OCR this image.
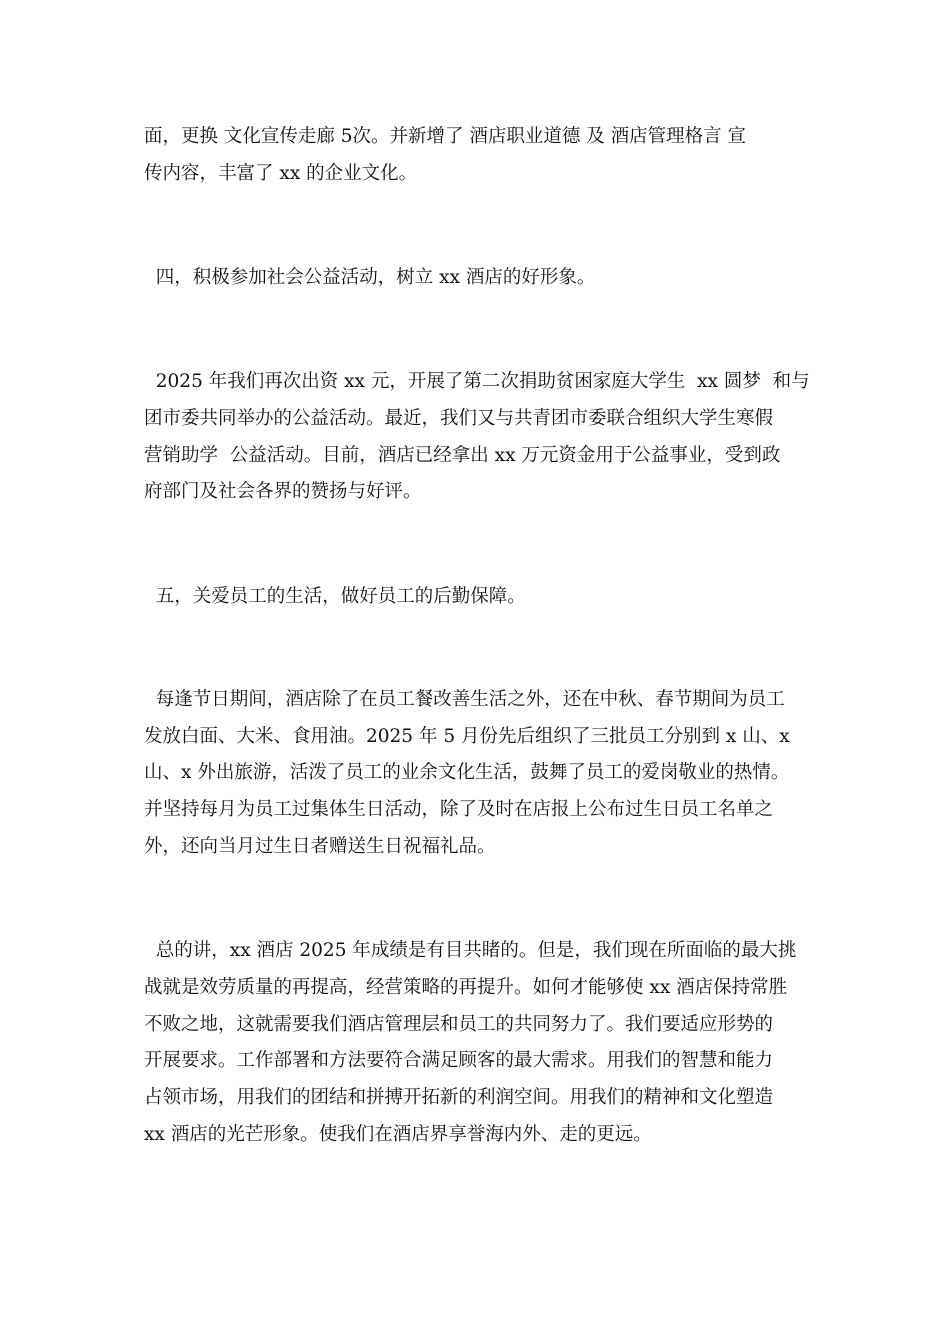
面，更换 文化宣传走廊 5次。并新增了 酒店职业道德 及 酒店管理格言 宣
传内容，丰富了 xx 的企业文化。
四，积极参加社会公益活动，树立 xx 酒店的好形象。
2025 年我们再次出资 xx 元，开展了第二次捐助贫困家庭大学生  xx 圆梦  和与
团市委共同举办的公益活动。最近，我们又与共青团市委联合组织大学生寒假
营销助学  公益活动。目前，酒店已经拿出 xx 万元资金用于公益事业，受到政
府部门及社会各界的赞扬与好评。
五，关爱员工的生活，做好员工的后勤保障。
每逢节日期间，酒店除了在员工餐改善生活之外，还在中秋、春节期间为员工
发放白面、大米、食用油。2025 年 5 月份先后组织了三批员工分别到 x 山、x
山、x 外出旅游，活泼了员工的业余文化生活，鼓舞了员工的爱岗敬业的热情。
并坚持每月为员工过集体生日活动，除了及时在店报上公布过生日员工名单之
外，还向当月过生日者赠送生日祝福礼品。
总的讲，xx 酒店 2025 年成绩是有目共睹的。但是，我们现在所面临的最大挑
战就是效劳质量的再提高，经营策略的再提升。如何才能够使 xx 酒店保持常胜
不败之地，这就需要我们酒店管理层和员工的共同努力了。我们要适应形势的
开展要求。工作部署和方法要符合满足顾客的最大需求。用我们的智慧和能力
占领市场，用我们的团结和拼搏开拓新的利润空间。用我们的精神和文化塑造
xx 酒店的光芒形象。使我们在酒店界享誉海内外、走的更远。
